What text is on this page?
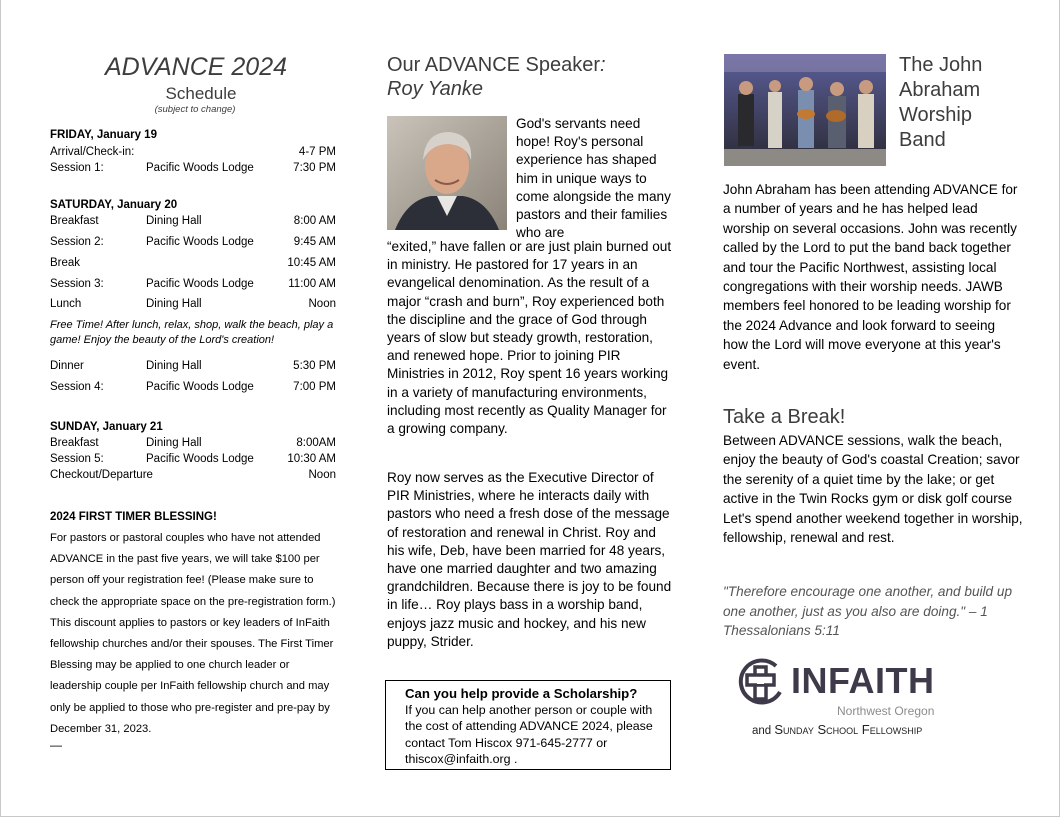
ADVANCE 2024
Schedule
(subject to change)
FRIDAY, January 19
Arrival/Check-in:	4-7 PM
Session 1:	Pacific Woods Lodge	7:30 PM
SATURDAY, January 20
Breakfast	Dining Hall	8:00 AM
Session 2:	Pacific Woods Lodge	9:45 AM
Break	10:45 AM
Session 3:	Pacific Woods Lodge	11:00 AM
Lunch	Dining Hall	Noon
Free Time! After lunch, relax, shop, walk the beach, play a game! Enjoy the beauty of the Lord's creation!
Dinner	Dining Hall	5:30 PM
Session 4:	Pacific Woods Lodge	7:00 PM
SUNDAY, January 21
Breakfast	Dining Hall	8:00AM
Session 5:	Pacific Woods Lodge	10:30 AM
Checkout/Departure	Noon
2024 FIRST TIMER BLESSING!
For pastors or pastoral couples who have not attended ADVANCE in the past five years, we will take $100 per person off your registration fee! (Please make sure to check the appropriate space on the pre-registration form.) This discount applies to pastors or key leaders of InFaith fellowship churches and/or their spouses. The First Timer Blessing may be applied to one church leader or leadership couple per InFaith fellowship church and may only be applied to those who pre-register and pre-pay by December 31, 2023.
—
Our ADVANCE Speaker:
Roy Yanke
God's servants need hope! Roy's personal experience has shaped him in unique ways to come alongside the many pastors and their families who are
“exited,” have fallen or are just plain burned out in ministry. He pastored for 17 years in an evangelical denomination. As the result of a major “crash and burn”, Roy experienced both the discipline and the grace of God through years of slow but steady growth, restoration, and renewed hope. Prior to joining PIR Ministries in 2012, Roy spent 16 years working in a variety of manufacturing environments, including most recently as Quality Manager for a growing company.
Roy now serves as the Executive Director of PIR Ministries, where he interacts daily with pastors who need a fresh dose of the message of restoration and renewal in Christ. Roy and his wife, Deb, have been married for 48 years, have one married daughter and two amazing grandchildren. Because there is joy to be found in life… Roy plays bass in a worship band, enjoys jazz music and hockey, and his new puppy, Strider.
Can you help provide a Scholarship?
If you can help another person or couple with the cost of attending ADVANCE 2024, please contact Tom Hiscox 971-645-2777 or thiscox@infaith.org .
The John Abraham Worship Band
John Abraham has been attending ADVANCE for a number of years and he has helped lead worship on several occasions. John was recently called by the Lord to put the band back together and tour the Pacific Northwest, assisting local congregations with their worship needs. JAWB members feel honored to be leading worship for the 2024 Advance and look forward to seeing how the Lord will move everyone at this year's event.
Take a Break!
Between ADVANCE sessions, walk the beach, enjoy the beauty of God's coastal Creation; savor the serenity of a quiet time by the lake; or get active in the Twin Rocks gym or disk golf course Let's spend another weekend together in worship, fellowship, renewal and rest.
"Therefore encourage one another, and build up one another, just as you also are doing." – 1 Thessalonians 5:11
INFAITH
Northwest Oregon
and Sunday School Fellowship
